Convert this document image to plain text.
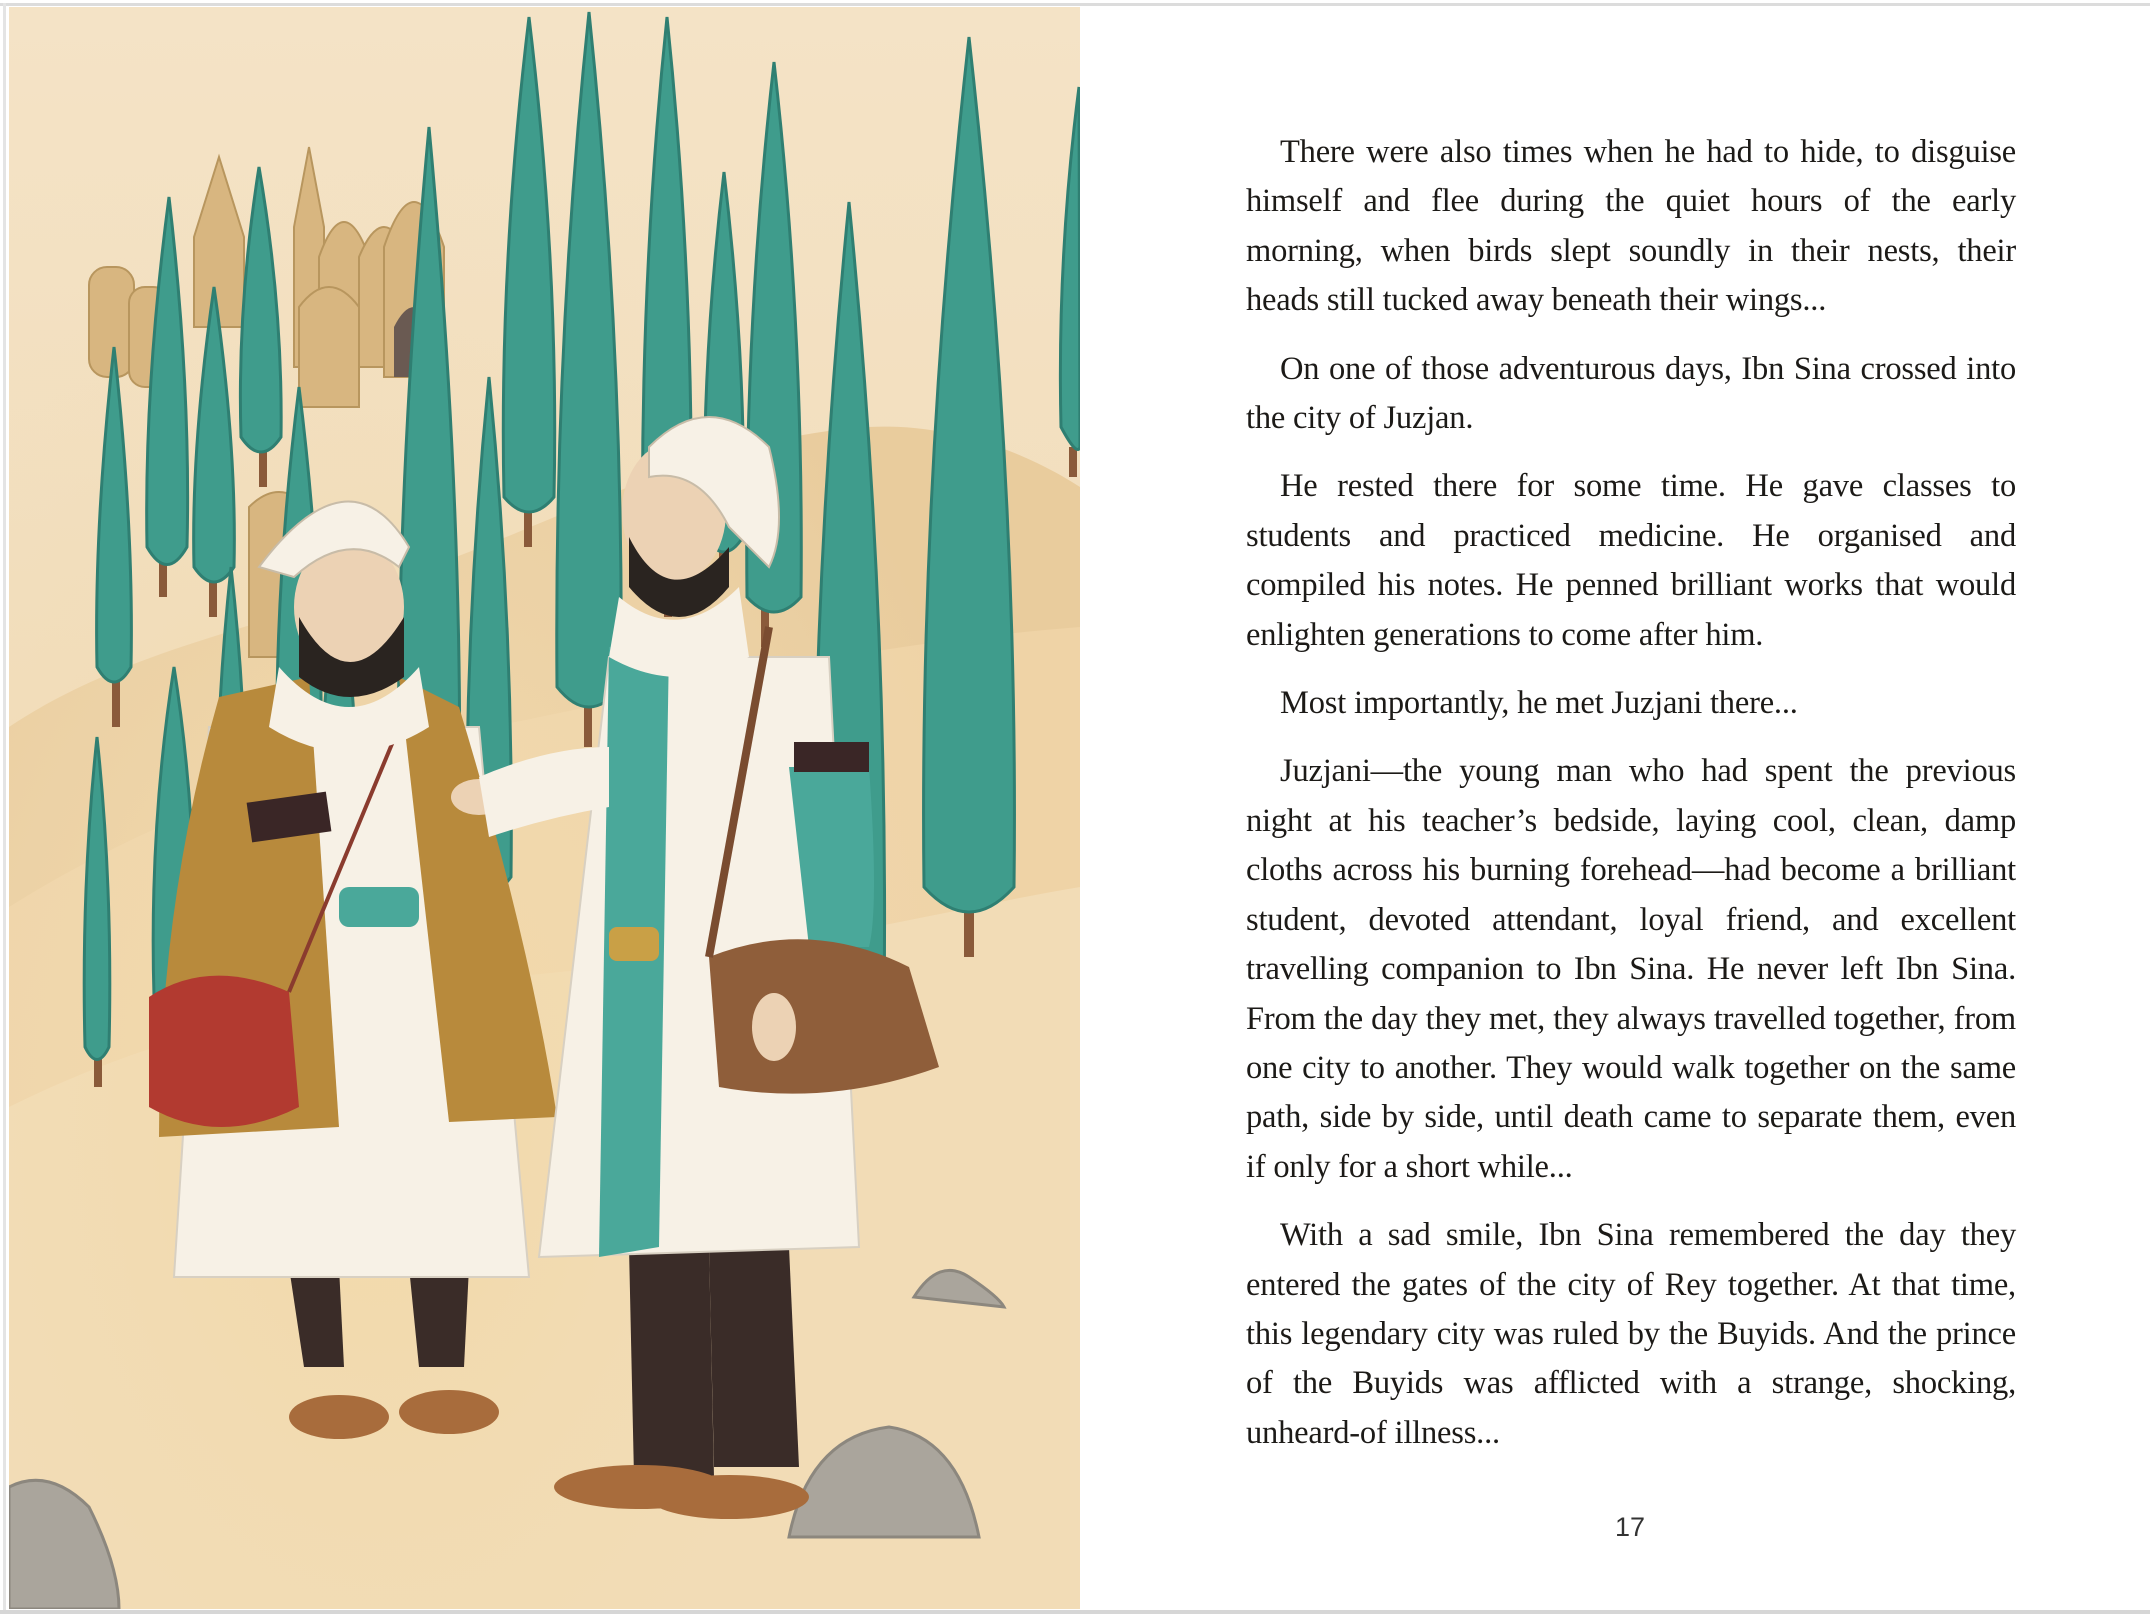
There were also times when he had to hide, to disguise himself and flee during the quiet hours of the early morning, when birds slept soundly in their nests, their heads still tucked away beneath their wings...

On one of those adventurous days, Ibn Sina crossed into the city of Juzjan.

He rested there for some time. He gave classes to students and practiced medicine. He organised and compiled his notes. He penned brilliant works that would enlighten generations to come after him.

Most importantly, he met Juzjani there...

Juzjani—the young man who had spent the previous night at his teacher’s bedside, laying cool, clean, damp cloths across his burning forehead—had become a brilliant student, devoted attendant, loyal friend, and excellent travelling companion to Ibn Sina. He never left Ibn Sina. From the day they met, they always travelled together, from one city to another. They would walk together on the same path, side by side, until death came to separate them, even if only for a short while...

With a sad smile, Ibn Sina remembered the day they entered the gates of the city of Rey together. At that time, this legendary city was ruled by the Buyids. And the prince of the Buyids was afflicted with a strange, shocking, unheard-of illness...

17
